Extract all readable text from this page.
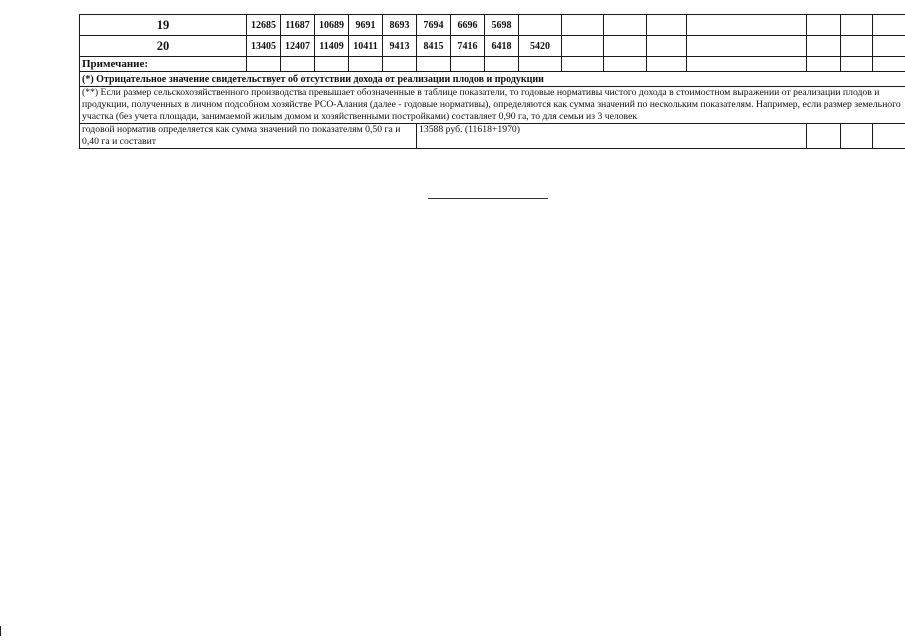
19	12685	11687	10689	9691	8693	7694	6696	5698								
20	13405	12407	11409	10411	9413	8415	7416	6418	5420							
Примечание:																
(*) Отрицательное значение свидетельствует об отсутствии дохода от реализации плодов и продукции																
(**) Если размер сельскохозяйственного производства превышает обозначенные в таблице показатели, то годовые нормативы чистого дохода в стоимостном выражении от реализации плодов и продукции, полученных в личном подсобном хозяйстве РСО-Алания (далее - годовые нормативы), определяются как сумма значений по нескольким показателям. Например, если размер земельного участка (без учета площади, занимаемой жилым домом и хозяйственными постройками) составляет 0,90 га, то для семьи из 3 человек																
годовой норматив определяется как сумма значений по показателям 0,50 га и 0,40 га и составит						13588 руб. (11618+1970)										
